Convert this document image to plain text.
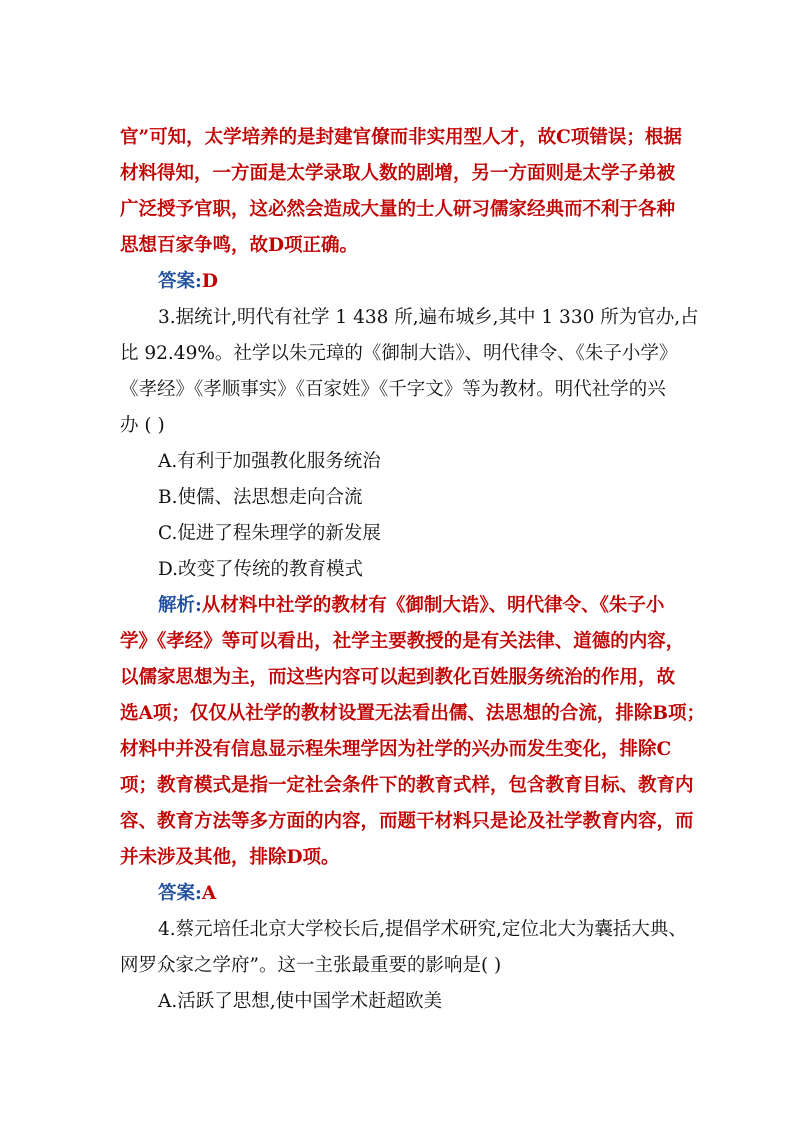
官”可知，太学培养的是封建官僚而非实用型人才，故C项错误；根据
材料得知，一方面是太学录取人数的剧增，另一方面则是太学子弟被
广泛授予官职，这必然会造成大量的士人研习儒家经典而不利于各种
思想百家争鸣，故D项正确。
答案:D
3.据统计,明代有社学 1 438 所,遍布城乡,其中 1 330 所为官办,占
比 92.49%。社学以朱元璋的《御制大诰》、明代律令、《朱子小学》
《孝经》《孝顺事实》《百家姓》《千字文》等为教材。明代社学的兴
办 ( )
A.有利于加强教化服务统治
B.使儒、法思想走向合流
C.促进了程朱理学的新发展
D.改变了传统的教育模式
解析:从材料中社学的教材有《御制大诰》、明代律令、《朱子小
学》《孝经》等可以看出，社学主要教授的是有关法律、道德的内容，
以儒家思想为主，而这些内容可以起到教化百姓服务统治的作用，故
选A项；仅仅从社学的教材设置无法看出儒、法思想的合流，排除B项；
材料中并没有信息显示程朱理学因为社学的兴办而发生变化，排除C
项；教育模式是指一定社会条件下的教育式样，包含教育目标、教育内
容、教育方法等多方面的内容，而题干材料只是论及社学教育内容，而
并未涉及其他，排除D项。
答案:A
4.蔡元培任北京大学校长后,提倡学术研究,定位北大为囊括大典、
网罗众家之学府”。这一主张最重要的影响是( )
A.活跃了思想,使中国学术赶超欧美
